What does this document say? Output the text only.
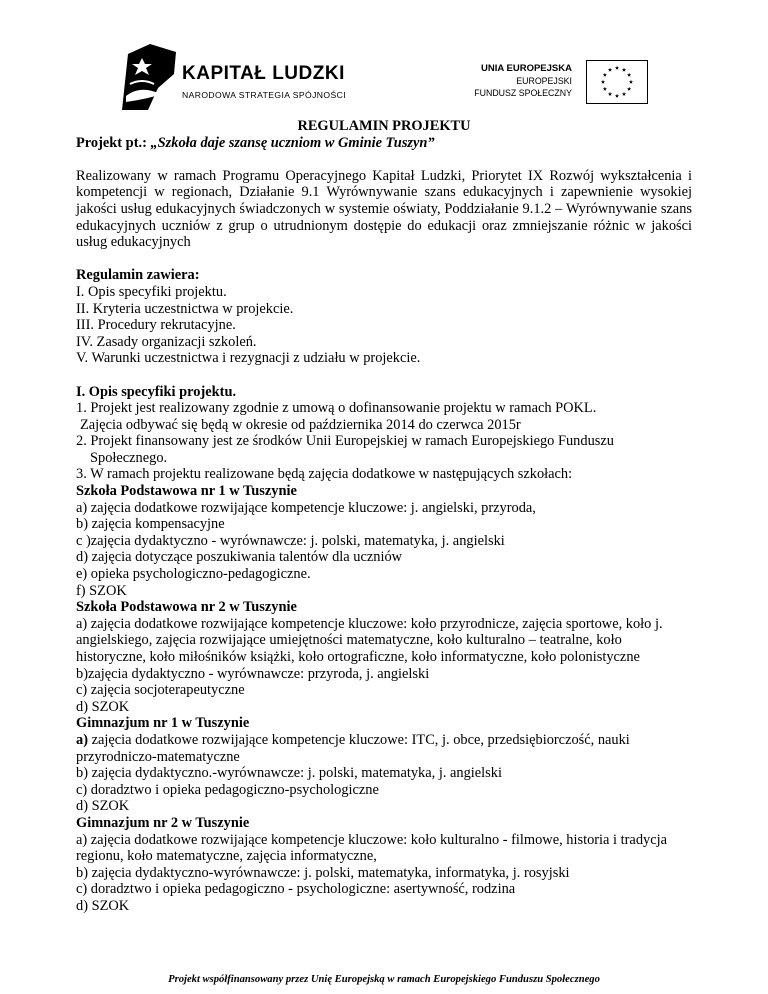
KAPITAŁ LUDZKI
NARODOWA STRATEGIA SPÓJNOŚCI
UNIA EUROPEJSKA
EUROPEJSKI
FUNDUSZ SPOŁECZNY

REGULAMIN PROJEKTU

Projekt pt.: „Szkoła daje szansę uczniom w Gminie Tuszyn”

Realizowany w ramach Programu Operacyjnego Kapitał Ludzki, Priorytet IX Rozwój wykształcenia i kompetencji w regionach, Działanie 9.1 Wyrównywanie szans edukacyjnych i zapewnienie wysokiej jakości usług edukacyjnych świadczonych w systemie oświaty, Poddziałanie 9.1.2 – Wyrównywanie szans edukacyjnych uczniów z grup o utrudnionym dostępie do edukacji oraz zmniejszanie różnic w jakości usług edukacyjnych

Regulamin zawiera:

I. Opis specyfiki projektu.

II. Kryteria uczestnictwa w projekcie.

III. Procedury rekrutacyjne.

IV. Zasady organizacji szkoleń.

V. Warunki uczestnictwa i rezygnacji z udziału w projekcie.

I. Opis specyfiki projektu.

1. Projekt jest realizowany zgodnie z umową o dofinansowanie projektu w ramach POKL.

Zajęcia odbywać się będą w okresie od października 2014 do czerwca 2015r

2. Projekt finansowany jest ze środków Unii Europejskiej w ramach Europejskiego Funduszu

Społecznego.

3. W ramach projektu realizowane będą zajęcia dodatkowe w następujących szkołach:

Szkoła Podstawowa nr 1 w Tuszynie

a) zajęcia dodatkowe rozwijające kompetencje kluczowe: j. angielski, przyroda,

b) zajęcia kompensacyjne

c )zajęcia dydaktyczno - wyrównawcze: j. polski, matematyka, j. angielski

d) zajęcia dotyczące poszukiwania talentów dla uczniów

e) opieka psychologiczno-pedagogiczne.

f) SZOK

Szkoła Podstawowa nr 2 w Tuszynie

a) zajęcia dodatkowe rozwijające kompetencje kluczowe: koło przyrodnicze, zajęcia sportowe, koło j. angielskiego, zajęcia rozwijające umiejętności matematyczne, koło kulturalno – teatralne, koło historyczne, koło miłośników książki, koło ortograficzne, koło informatyczne, koło polonistyczne

b)zajęcia dydaktyczno - wyrównawcze: przyroda, j. angielski

c) zajęcia socjoterapeutyczne

d) SZOK

Gimnazjum nr 1 w Tuszynie

a) zajęcia dodatkowe rozwijające kompetencje kluczowe: ITC, j. obce, przedsiębiorczość, nauki przyrodniczo-matematyczne

b) zajęcia dydaktyczno.-wyrównawcze: j. polski, matematyka, j. angielski

c) doradztwo i opieka pedagogiczno-psychologiczne

d) SZOK

Gimnazjum nr 2 w Tuszynie

a) zajęcia dodatkowe rozwijające kompetencje kluczowe: koło kulturalno - filmowe, historia i tradycja regionu, koło matematyczne, zajęcia informatyczne,

b) zajęcia dydaktyczno-wyrównawcze: j. polski, matematyka, informatyka, j. rosyjski

c) doradztwo i opieka pedagogiczno - psychologiczne: asertywność, rodzina

d) SZOK

Projekt współfinansowany przez Unię Europejską w ramach Europejskiego Funduszu Społecznego
